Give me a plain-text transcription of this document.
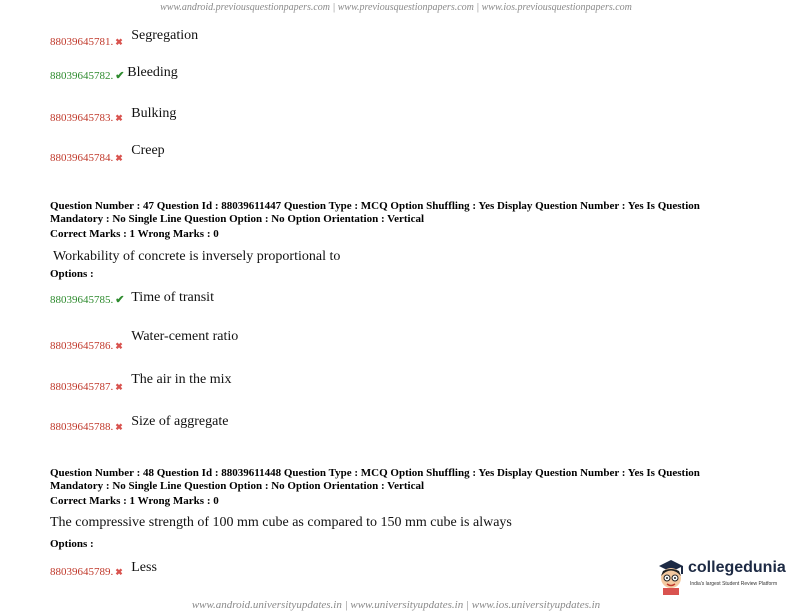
www.android.previousquestionpapers.com | www.previousquestionpapers.com | www.ios.previousquestionpapers.com
88039645781. ✖ Segregation
88039645782. ✔ Bleeding
88039645783. ✖ Bulking
88039645784. ✖ Creep
Question Number : 47 Question Id : 88039611447 Question Type : MCQ Option Shuffling : Yes Display Question Number : Yes Is Question
Mandatory : No Single Line Question Option : No Option Orientation : Vertical
Correct Marks : 1 Wrong Marks : 0
Workability of concrete is inversely proportional to
Options :
88039645785. ✔ Time of transit
88039645786. ✖ Water-cement ratio
88039645787. ✖ The air in the mix
88039645788. ✖ Size of aggregate
Question Number : 48 Question Id : 88039611448 Question Type : MCQ Option Shuffling : Yes Display Question Number : Yes Is Question
Mandatory : No Single Line Question Option : No Option Orientation : Vertical
Correct Marks : 1 Wrong Marks : 0
The compressive strength of 100 mm cube as compared to 150 mm cube is always
Options :
88039645789. ✖ Less	collegedunia
India's largest Student Review Platform
www.android.universityupdates.in | www.universityupdates.in | www.ios.universityupdates.in
